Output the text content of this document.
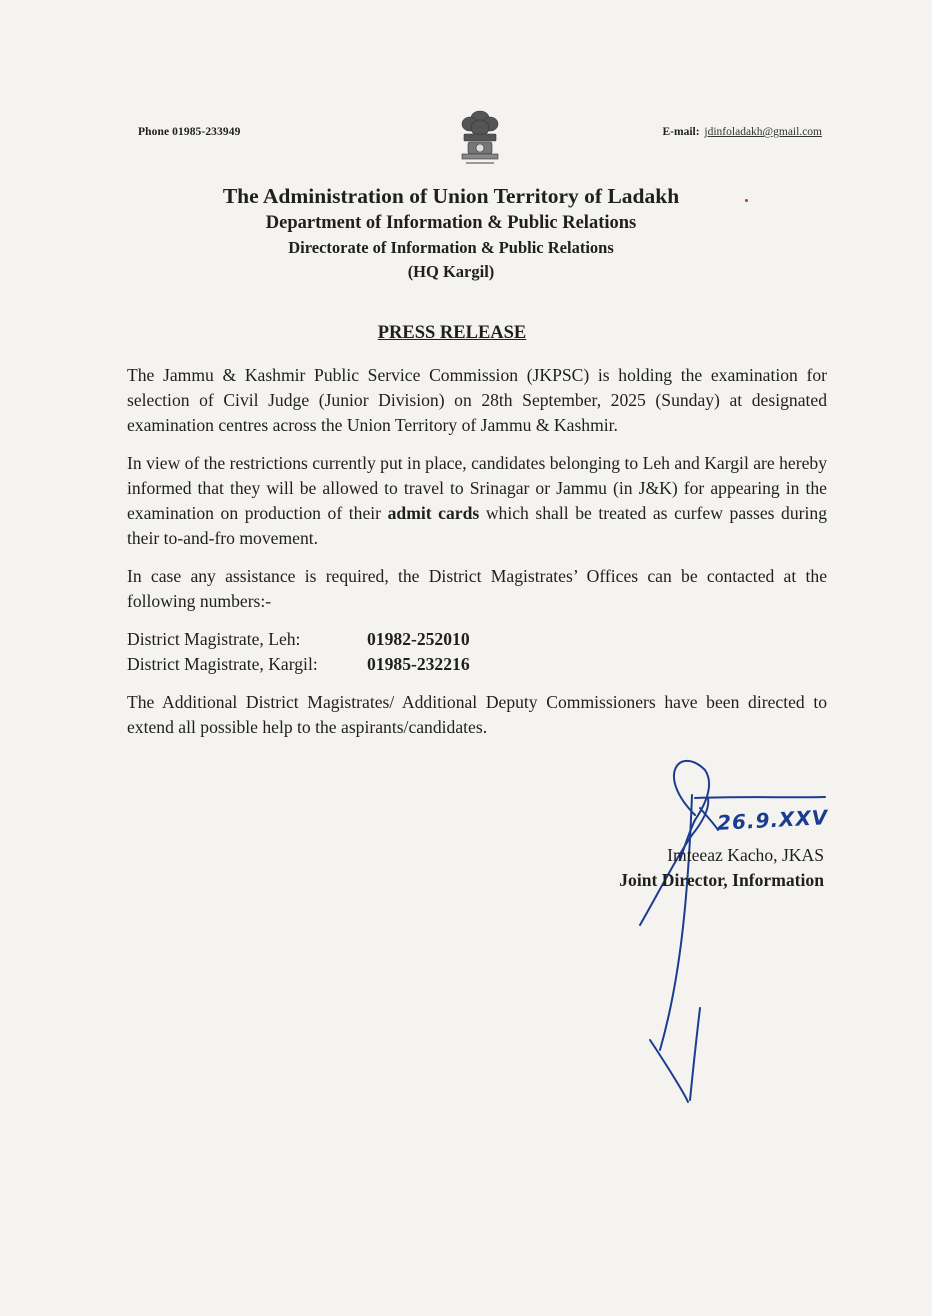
Phone 01985-233949	E-mail: jdinfoladakh@gmail.com
The Administration of Union Territory of Ladakh
Department of Information & Public Relations
Directorate of Information & Public Relations
(HQ Kargil)
PRESS RELEASE

The Jammu & Kashmir Public Service Commission (JKPSC) is holding the examination for selection of Civil Judge (Junior Division) on 28th September, 2025 (Sunday) at designated examination centres across the Union Territory of Jammu & Kashmir.

In view of the restrictions currently put in place, candidates belonging to Leh and Kargil are hereby informed that they will be allowed to travel to Srinagar or Jammu (in J&K) for appearing in the examination on production of their admit cards which shall be treated as curfew passes during their to-and-fro movement.

In case any assistance is required, the District Magistrates’ Offices can be contacted at the following numbers:-

District Magistrate, Leh:	01982-252010
District Magistrate, Kargil:	01985-232216

The Additional District Magistrates/ Additional Deputy Commissioners have been directed to extend all possible help to the aspirants/candidates.

26.9.XXV
Imteeaz Kacho, JKAS
Joint Director, Information
